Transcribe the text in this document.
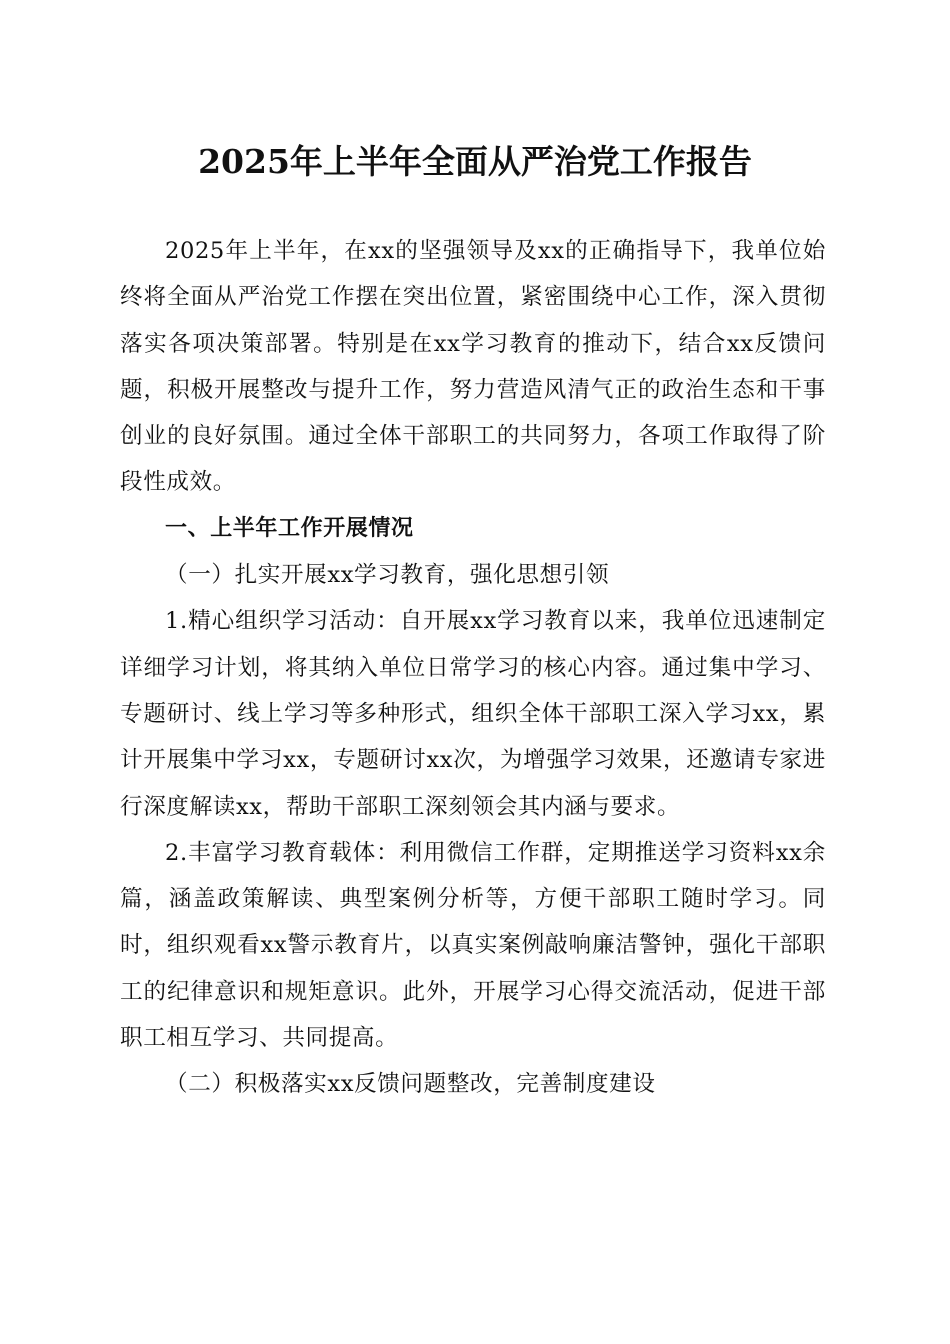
2025年上半年全面从严治党工作报告

2025年上半年，在xx的坚强领导及xx的正确指导下，我单位始终将全面从严治党工作摆在突出位置，紧密围绕中心工作，深入贯彻落实各项决策部署。特别是在xx学习教育的推动下，结合xx反馈问题，积极开展整改与提升工作，努力营造风清气正的政治生态和干事创业的良好氛围。通过全体干部职工的共同努力，各项工作取得了阶段性成效。

一、上半年工作开展情况

（一）扎实开展xx学习教育，强化思想引领

1.精心组织学习活动：自开展xx学习教育以来，我单位迅速制定详细学习计划，将其纳入单位日常学习的核心内容。通过集中学习、专题研讨、线上学习等多种形式，组织全体干部职工深入学习xx，累计开展集中学习xx，专题研讨xx次，为增强学习效果，还邀请专家进行深度解读xx，帮助干部职工深刻领会其内涵与要求。

2.丰富学习教育载体：利用微信工作群，定期推送学习资料xx余篇，涵盖政策解读、典型案例分析等，方便干部职工随时学习。同时，组织观看xx警示教育片，以真实案例敲响廉洁警钟，强化干部职工的纪律意识和规矩意识。此外，开展学习心得交流活动，促进干部职工相互学习、共同提高。

（二）积极落实xx反馈问题整改，完善制度建设
